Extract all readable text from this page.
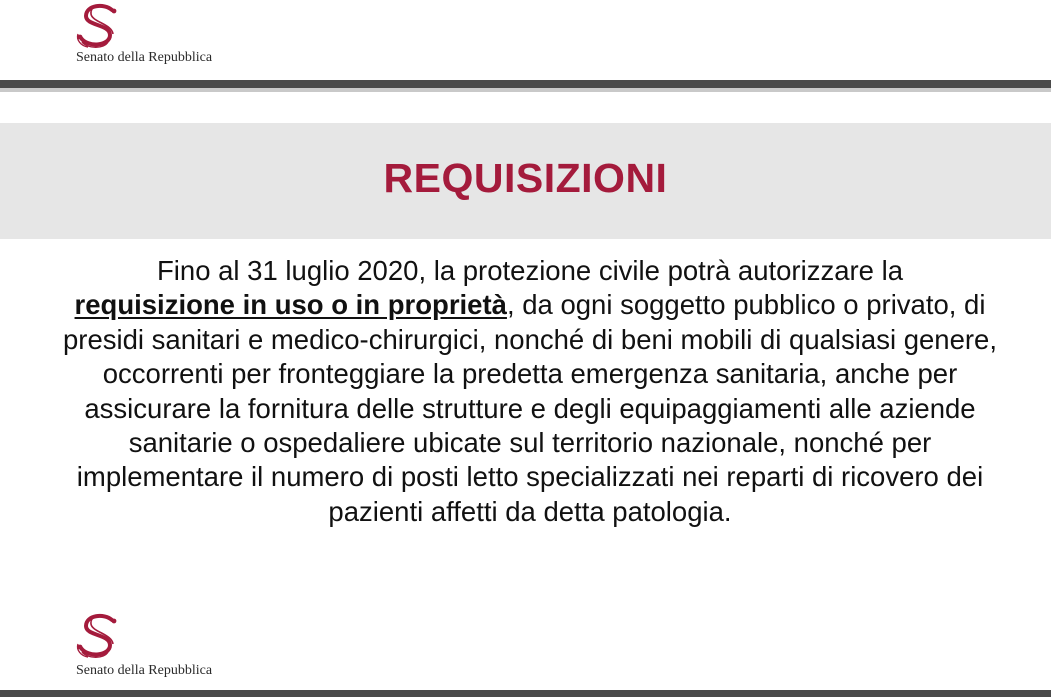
Senato della Repubblica
REQUISIZIONI
Fino al 31 luglio 2020, la protezione civile potrà autorizzare la
requisizione in uso o in proprietà, da ogni soggetto pubblico o privato, di presidi sanitari e medico-chirurgici, nonché di beni mobili di qualsiasi genere, occorrenti per fronteggiare la predetta emergenza sanitaria, anche per assicurare la fornitura delle strutture e degli equipaggiamenti alle aziende sanitarie o ospedaliere ubicate sul territorio nazionale, nonché per implementare il numero di posti letto specializzati nei reparti di ricovero dei pazienti affetti da detta patologia.
Senato della Repubblica
